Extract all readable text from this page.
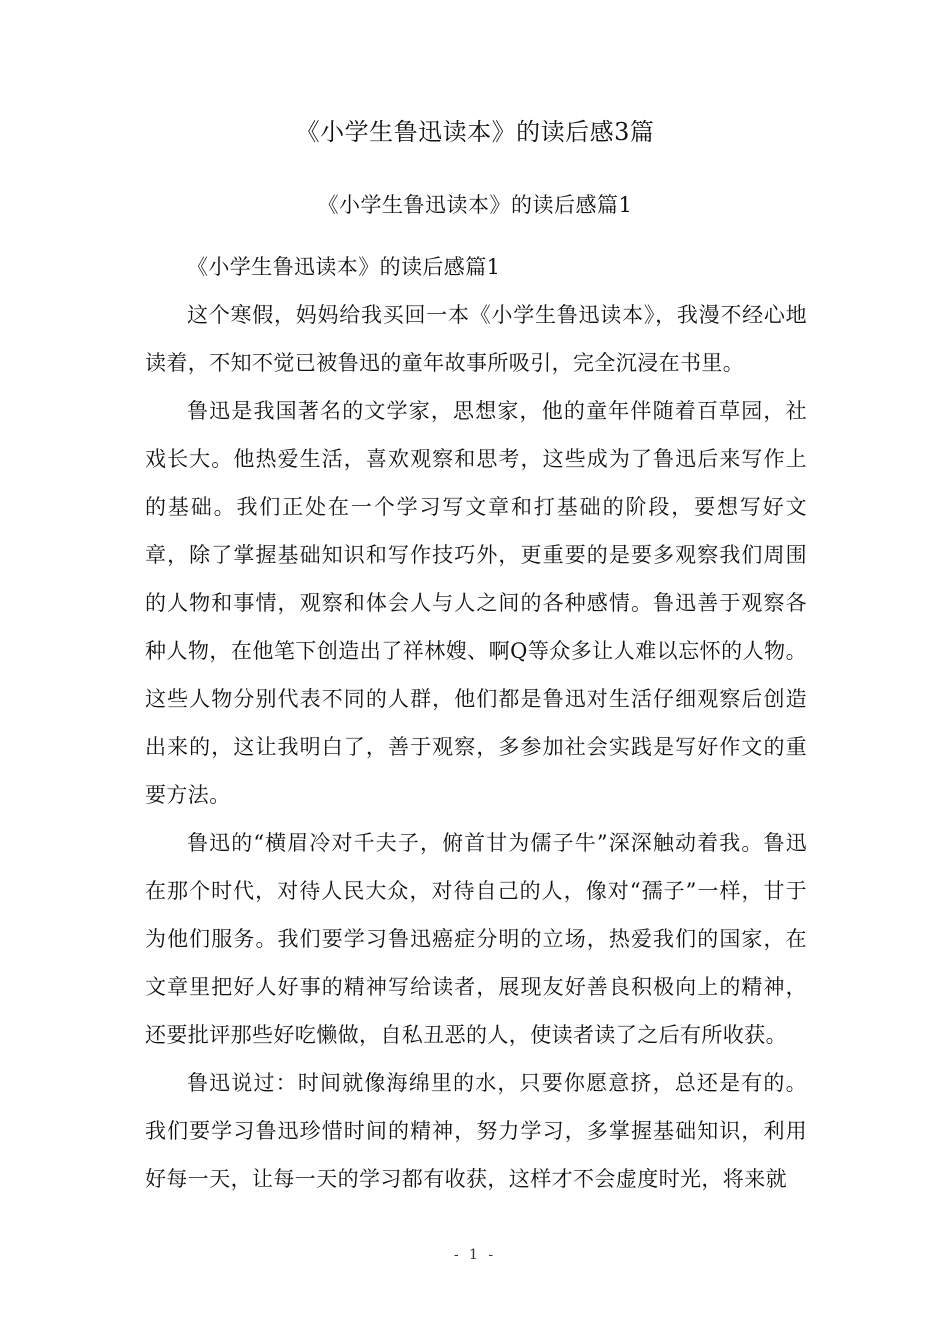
《小学生鲁迅读本》的读后感3篇
《小学生鲁迅读本》的读后感篇1

《小学生鲁迅读本》的读后感篇1

这个寒假，妈妈给我买回一本《小学生鲁迅读本》，我漫不经心地读着，不知不觉已被鲁迅的童年故事所吸引，完全沉浸在书里。

鲁迅是我国著名的文学家，思想家，他的童年伴随着百草园，社戏长大。他热爱生活，喜欢观察和思考，这些成为了鲁迅后来写作上的基础。我们正处在一个学习写文章和打基础的阶段，要想写好文章，除了掌握基础知识和写作技巧外，更重要的是要多观察我们周围的人物和事情，观察和体会人与人之间的各种感情。鲁迅善于观察各种人物，在他笔下创造出了祥林嫂、啊Q等众多让人难以忘怀的人物。这些人物分别代表不同的人群，他们都是鲁迅对生活仔细观察后创造出来的，这让我明白了，善于观察，多参加社会实践是写好作文的重要方法。

鲁迅的“横眉冷对千夫子，俯首甘为儒子牛”深深触动着我。鲁迅在那个时代，对待人民大众，对待自己的人，像对“孺子”一样，甘于为他们服务。我们要学习鲁迅癌症分明的立场，热爱我们的国家，在文章里把好人好事的精神写给读者，展现友好善良积极向上的精神，还要批评那些好吃懒做，自私丑恶的人，使读者读了之后有所收获。

鲁迅说过：时间就像海绵里的水，只要你愿意挤，总还是有的。我们要学习鲁迅珍惜时间的精神，努力学习，多掌握基础知识，利用好每一天，让每一天的学习都有收获，这样才不会虚度时光，将来就

- 1 -
